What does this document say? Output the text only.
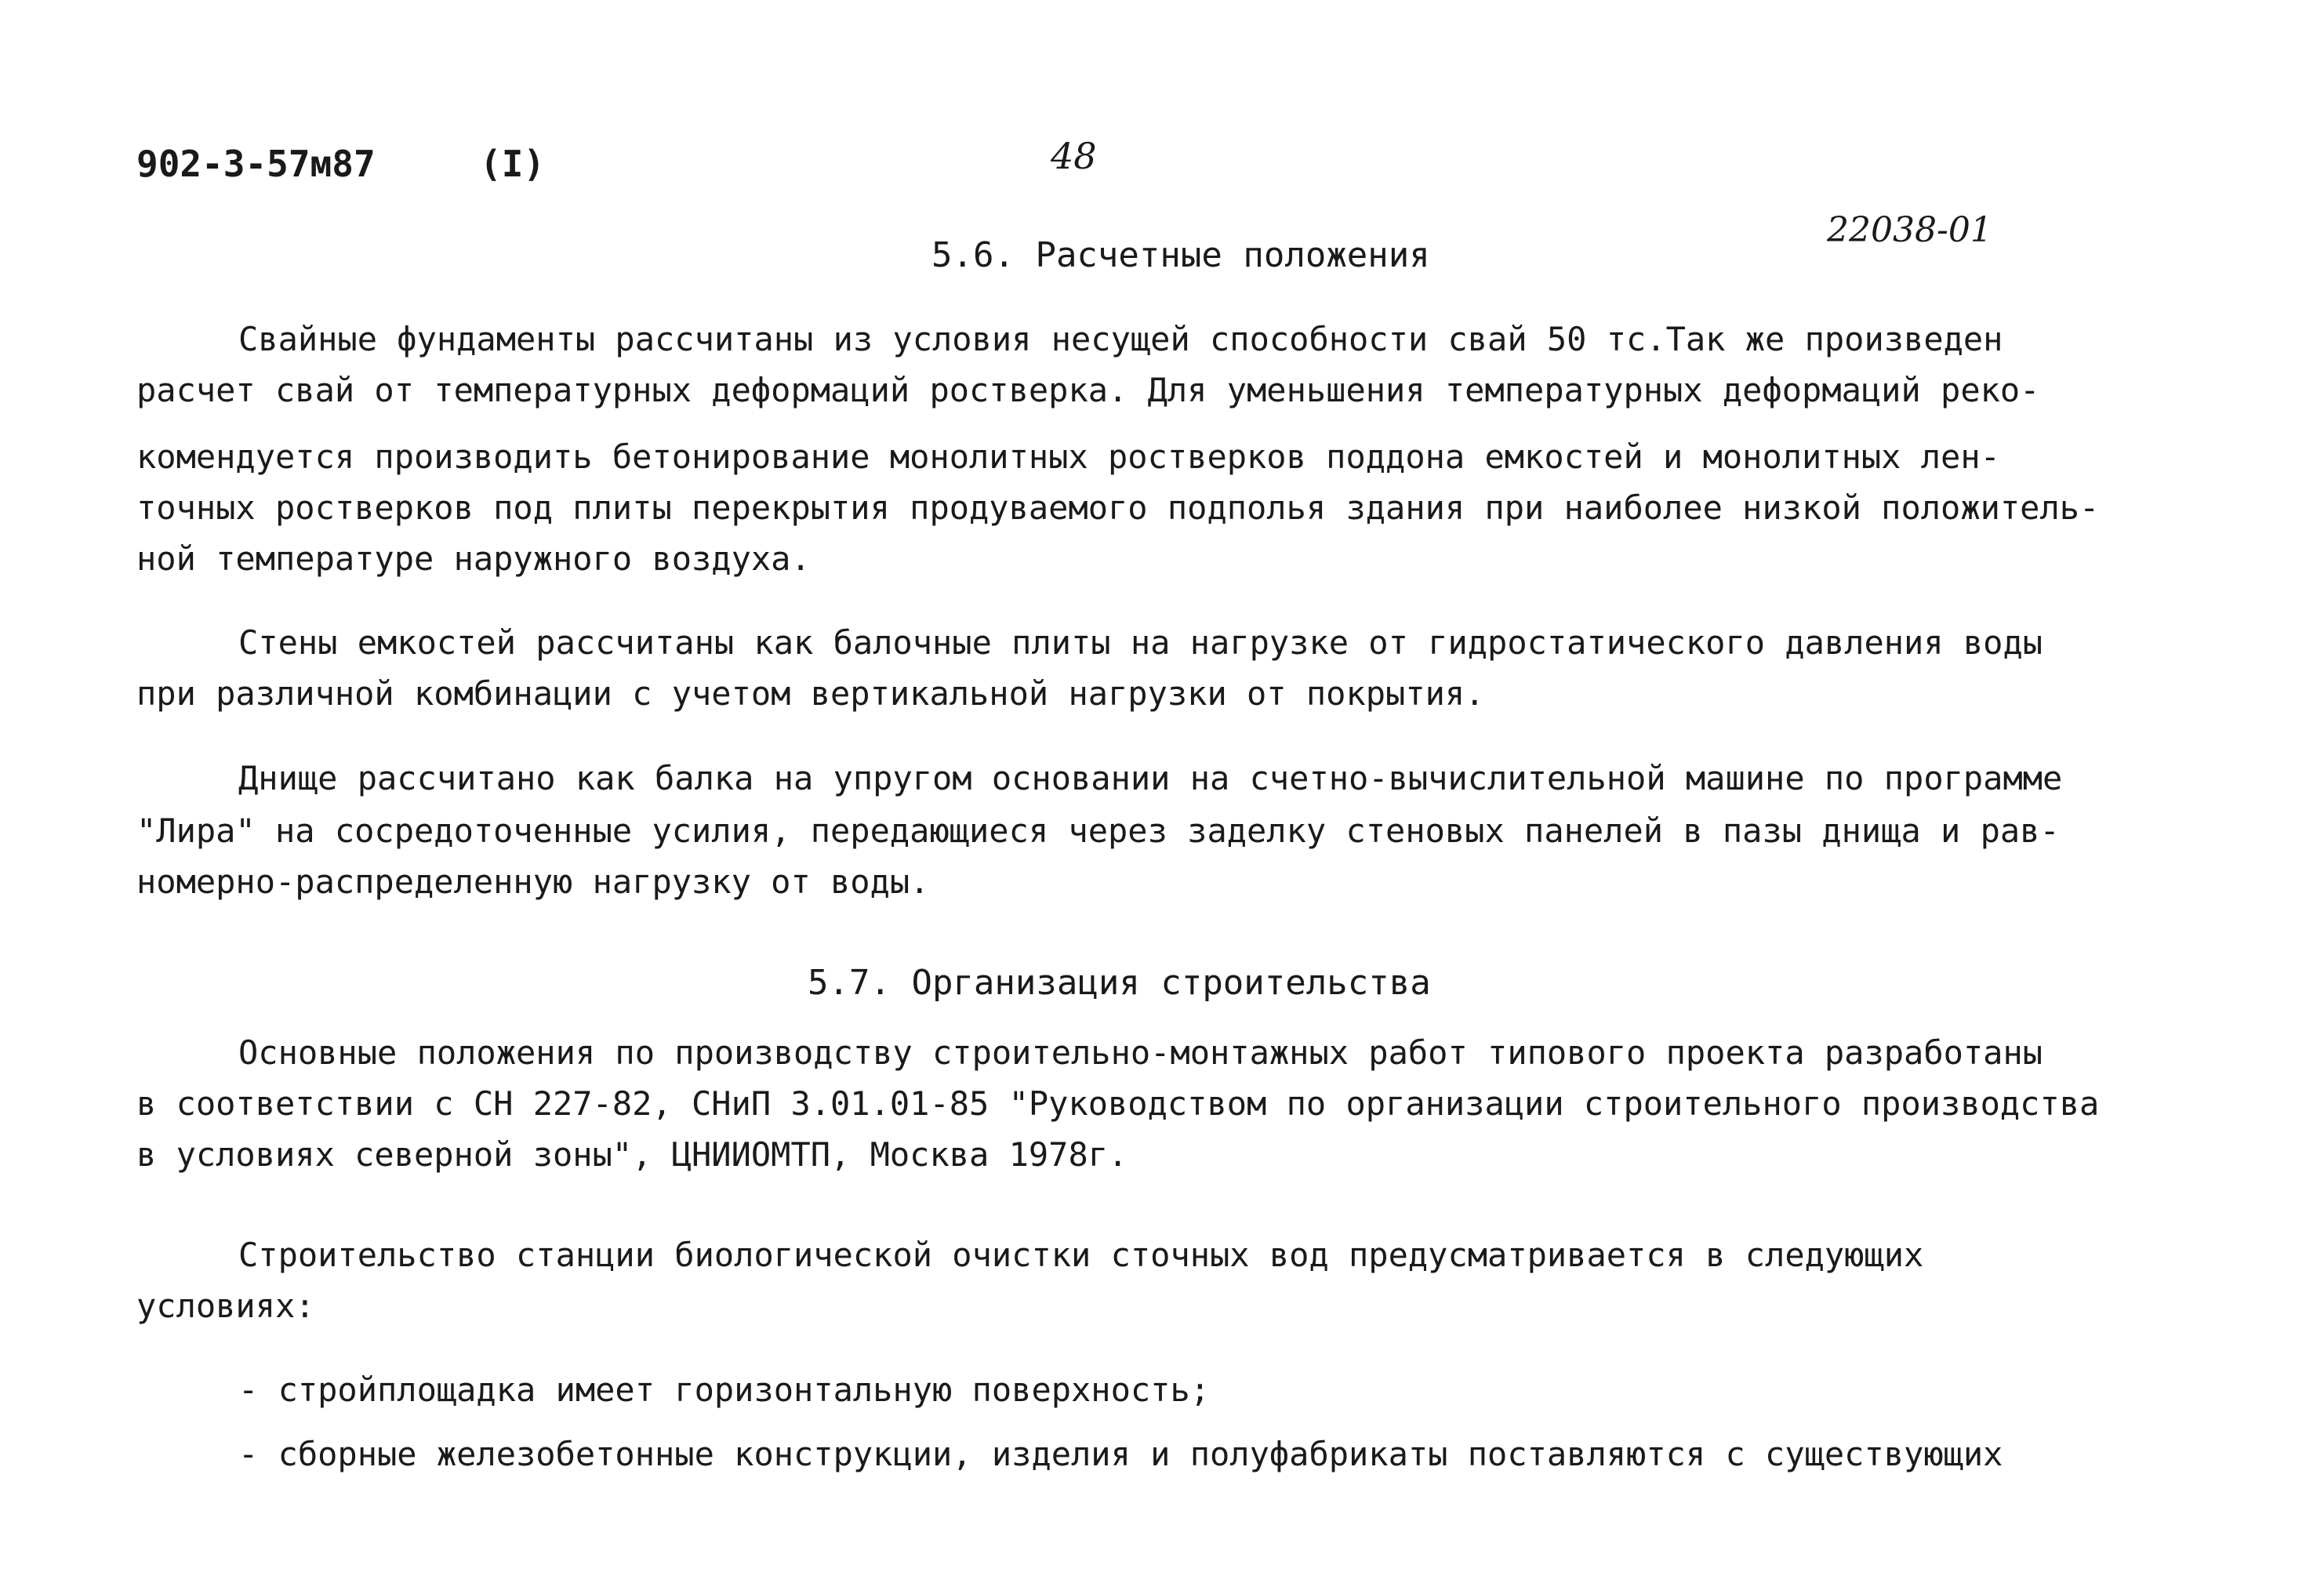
902-3-57м87	(I)	48
22038-01
5.6. Расчетные положения
Свайные фундаменты рассчитаны из условия несущей способности свай 50 тс.Так же произведен
расчет свай от температурных деформаций ростверка. Для уменьшения температурных деформаций реко-
комендуется производить бетонирование монолитных ростверков поддона емкостей и монолитных лен-
точных ростверков под плиты перекрытия продуваемого подполья здания при наиболее низкой положитель-
ной температуре наружного воздуха.
Стены емкостей рассчитаны как балочные плиты на нагрузке от гидростатического давления воды
при различной комбинации с учетом вертикальной нагрузки от покрытия.
Днище рассчитано как балка на упругом основании на счетно-вычислительной машине по программе
"Лира" на сосредоточенные усилия, передающиеся через заделку стеновых панелей в пазы днища и рав-
номерно-распределенную нагрузку от воды.
5.7. Организация строительства
Основные положения по производству строительно-монтажных работ типового проекта разработаны
в соответствии с СН 227-82, СНиП 3.01.01-85 "Руководством по организации строительного производства
в условиях северной зоны", ЦНИИОМТП, Москва 1978г.
Строительство станции биологической очистки сточных вод предусматривается в следующих
условиях:
- стройплощадка имеет горизонтальную поверхность;
- сборные железобетонные конструкции, изделия и полуфабрикаты поставляются с существующих
